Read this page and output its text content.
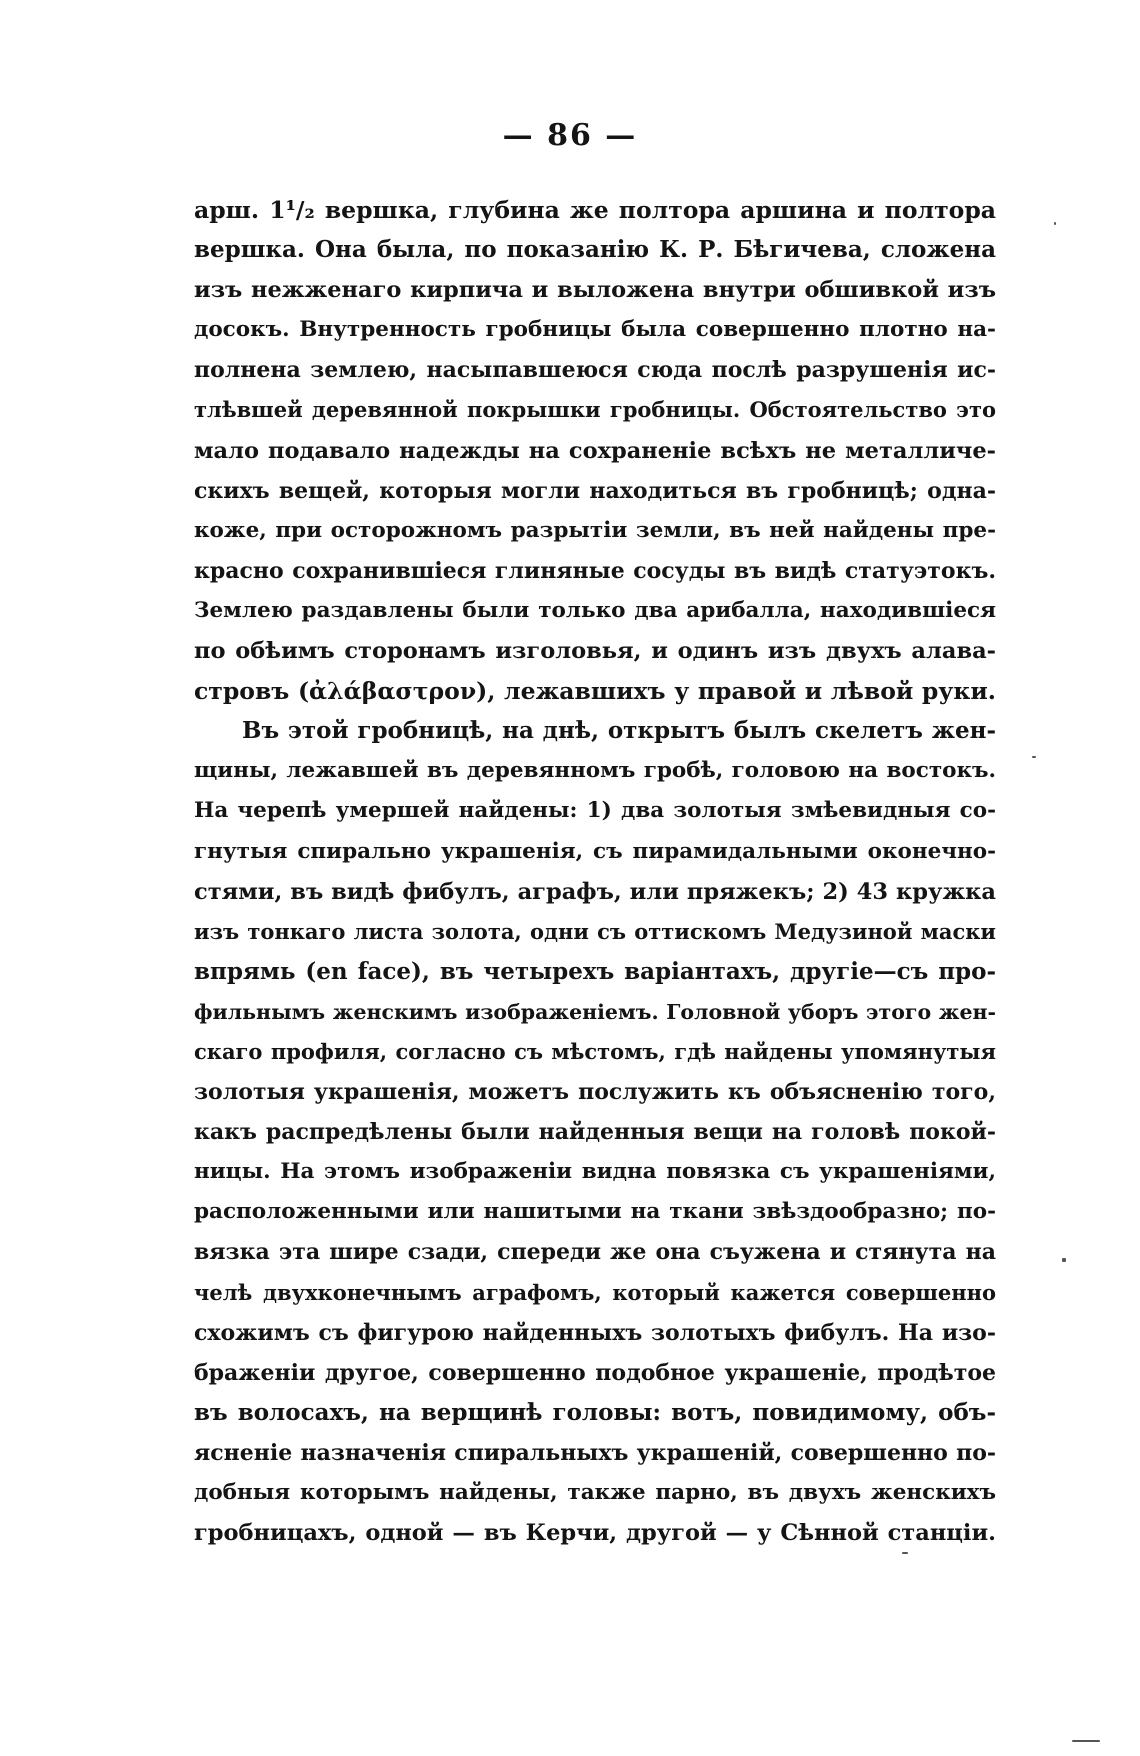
— 86 —
арш. 1¹/₂ вершка, глубина же полтора аршина и полтора
вершка. Она была, по показанію К. Р. Бѣгичева, сложена
изъ нежженаго кирпича и выложена внутри обшивкой изъ
досокъ. Внутренность гробницы была совершенно плотно на-
полнена землею, насыпавшеюся сюда послѣ разрушенія ис-
тлѣвшей деревянной покрышки гробницы. Обстоятельство это
мало подавало надежды на сохраненіе всѣхъ не металличе-
скихъ вещей, которыя могли находиться въ гробницѣ; одна-
коже, при осторожномъ разрытіи земли, въ ней найдены пре-
красно сохранившіеся глиняные сосуды въ видѣ статуэтокъ.
Землею раздавлены были только два арибалла, находившіеся
по обѣимъ сторонамъ изголовья, и одинъ изъ двухъ алава-
стровъ (ἀλάβαστρον), лежавшихъ у правой и лѣвой руки.
Въ этой гробницѣ, на днѣ, открытъ былъ скелетъ жен-
щины, лежавшей въ деревянномъ гробѣ, головою на востокъ.
На черепѣ умершей найдены: 1) два золотыя змѣевидныя со-
гнутыя спирально украшенія, съ пирамидальными оконечно-
стями, въ видѣ фибулъ, аграфъ, или пряжекъ; 2) 43 кружка
изъ тонкаго листа золота, одни съ оттискомъ Медузиной маски
впрямь (en face), въ четырехъ варіантахъ, другіе—съ про-
фильнымъ женскимъ изображеніемъ. Головной уборъ этого жен-
скаго профиля, согласно съ мѣстомъ, гдѣ найдены упомянутыя
золотыя украшенія, можетъ послужить къ объясненію того,
какъ распредѣлены были найденныя вещи на головѣ покой-
ницы. На этомъ изображеніи видна повязка съ украшеніями,
расположенными или нашитыми на ткани звѣздообразно; по-
вязка эта шире сзади, спереди же она съужена и стянута на
челѣ двухконечнымъ аграфомъ, который кажется совершенно
схожимъ съ фигурою найденныхъ золотыхъ фибулъ. На изо-
браженіи другое, совершенно подобное украшеніе, продѣтое
въ волосахъ, на верщинѣ головы: вотъ, повидимому, объ-
ясненіе назначенія спиральныхъ украшеній, совершенно по-
добныя которымъ найдены, также парно, въ двухъ женскихъ
гробницахъ, одной — въ Керчи, другой — у Сѣнной станціи.
